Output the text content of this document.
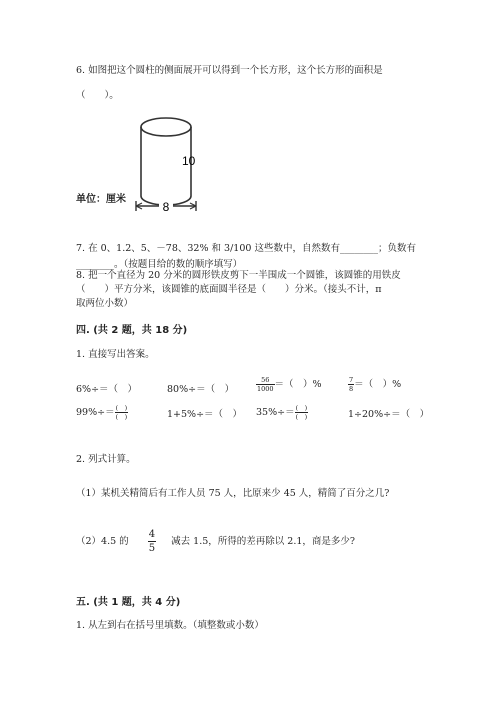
6. 如图把这个圆柱的侧面展开可以得到一个长方形，这个长方形的面积是
（　　）。
8
10
单位：厘米
7. 在 0、1.2、5、－78、32% 和 3/100 这些数中，自然数有________；负数有
________。（按题目给的数的顺序填写）
8. 把一个直径为 20 分米的圆形铁皮剪下一半围成一个圆锥，该圆锥的用铁皮
（　　）平方分米，该圆锥的底面圆半径是（　　）分米。（接头不计，π
取两位小数）
四. (共 2 题，共 18 分)
1. 直接写出答案。
6%÷＝（　）	80%÷＝（　）	$\frac{56}{1000}$ ＝（　）%	$\frac{7}{8}$ ＝（　）%
$99\%\div= \frac{( )}{( )}$	1+5%÷＝（　） $35\%\div= \frac{( )}{( )}$	1÷20%÷＝（　）
2. 列式计算。
（1）某机关精简后有工作人员 75 人，比原来少 45 人，精简了百分之几?
（2）4.5 的 $\frac{4}{5}$ 减去 1.5，所得的差再除以 2.1，商是多少?
五. (共 1 题，共 4 分)
1. 从左到右在括号里填数。（填整数或小数）
